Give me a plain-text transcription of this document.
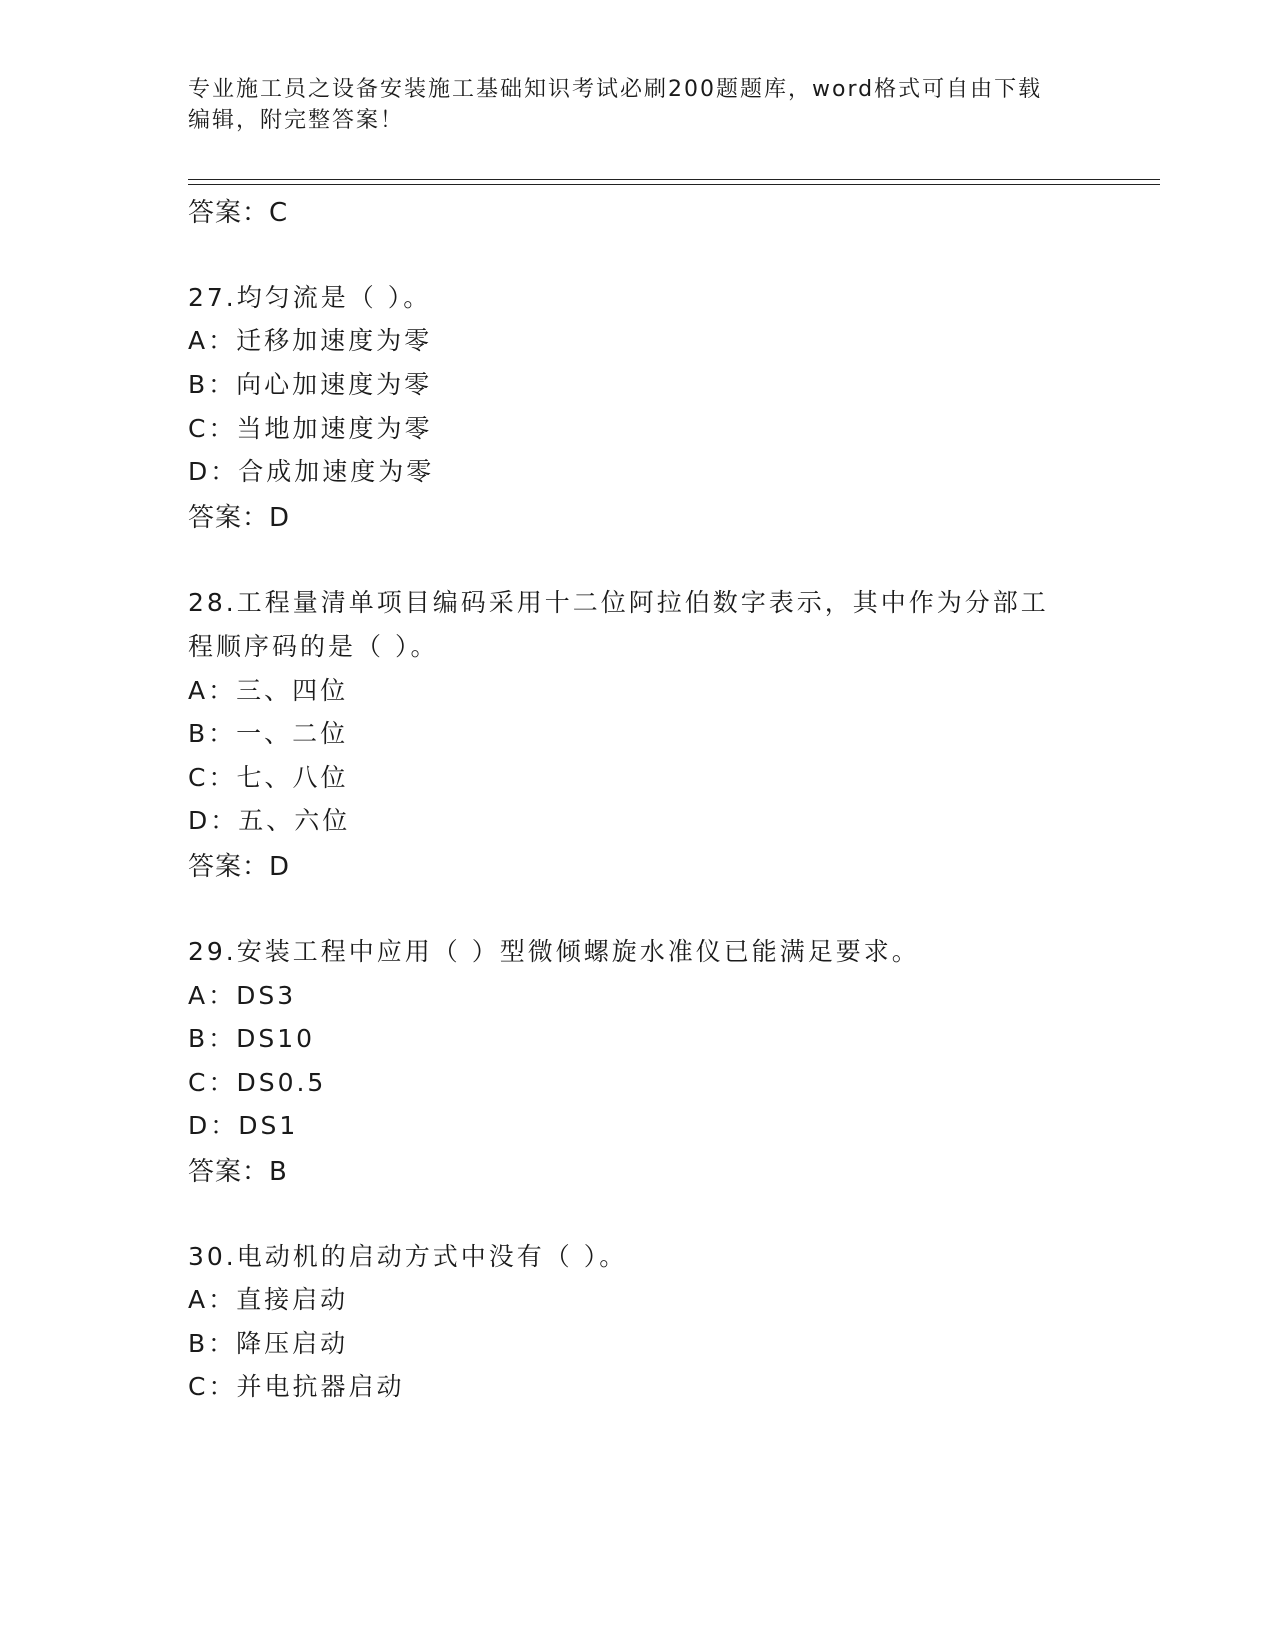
专业施工员之设备安装施工基础知识考试必刷200题题库，word格式可自由下载
编辑，附完整答案！
答案：C
27.均匀流是（ ）。
A：迁移加速度为零
B：向心加速度为零
C：当地加速度为零
D：合成加速度为零
答案：D
28.工程量清单项目编码采用十二位阿拉伯数字表示，其中作为分部工
程顺序码的是（ ）。
A：三、四位
B：一、二位
C：七、八位
D：五、六位
答案：D
29.安装工程中应用（ ）型微倾螺旋水准仪已能满足要求。
A：DS3
B：DS10
C：DS0.5
D：DS1
答案：B
30.电动机的启动方式中没有（ ）。
A：直接启动
B：降压启动
C：并电抗器启动
